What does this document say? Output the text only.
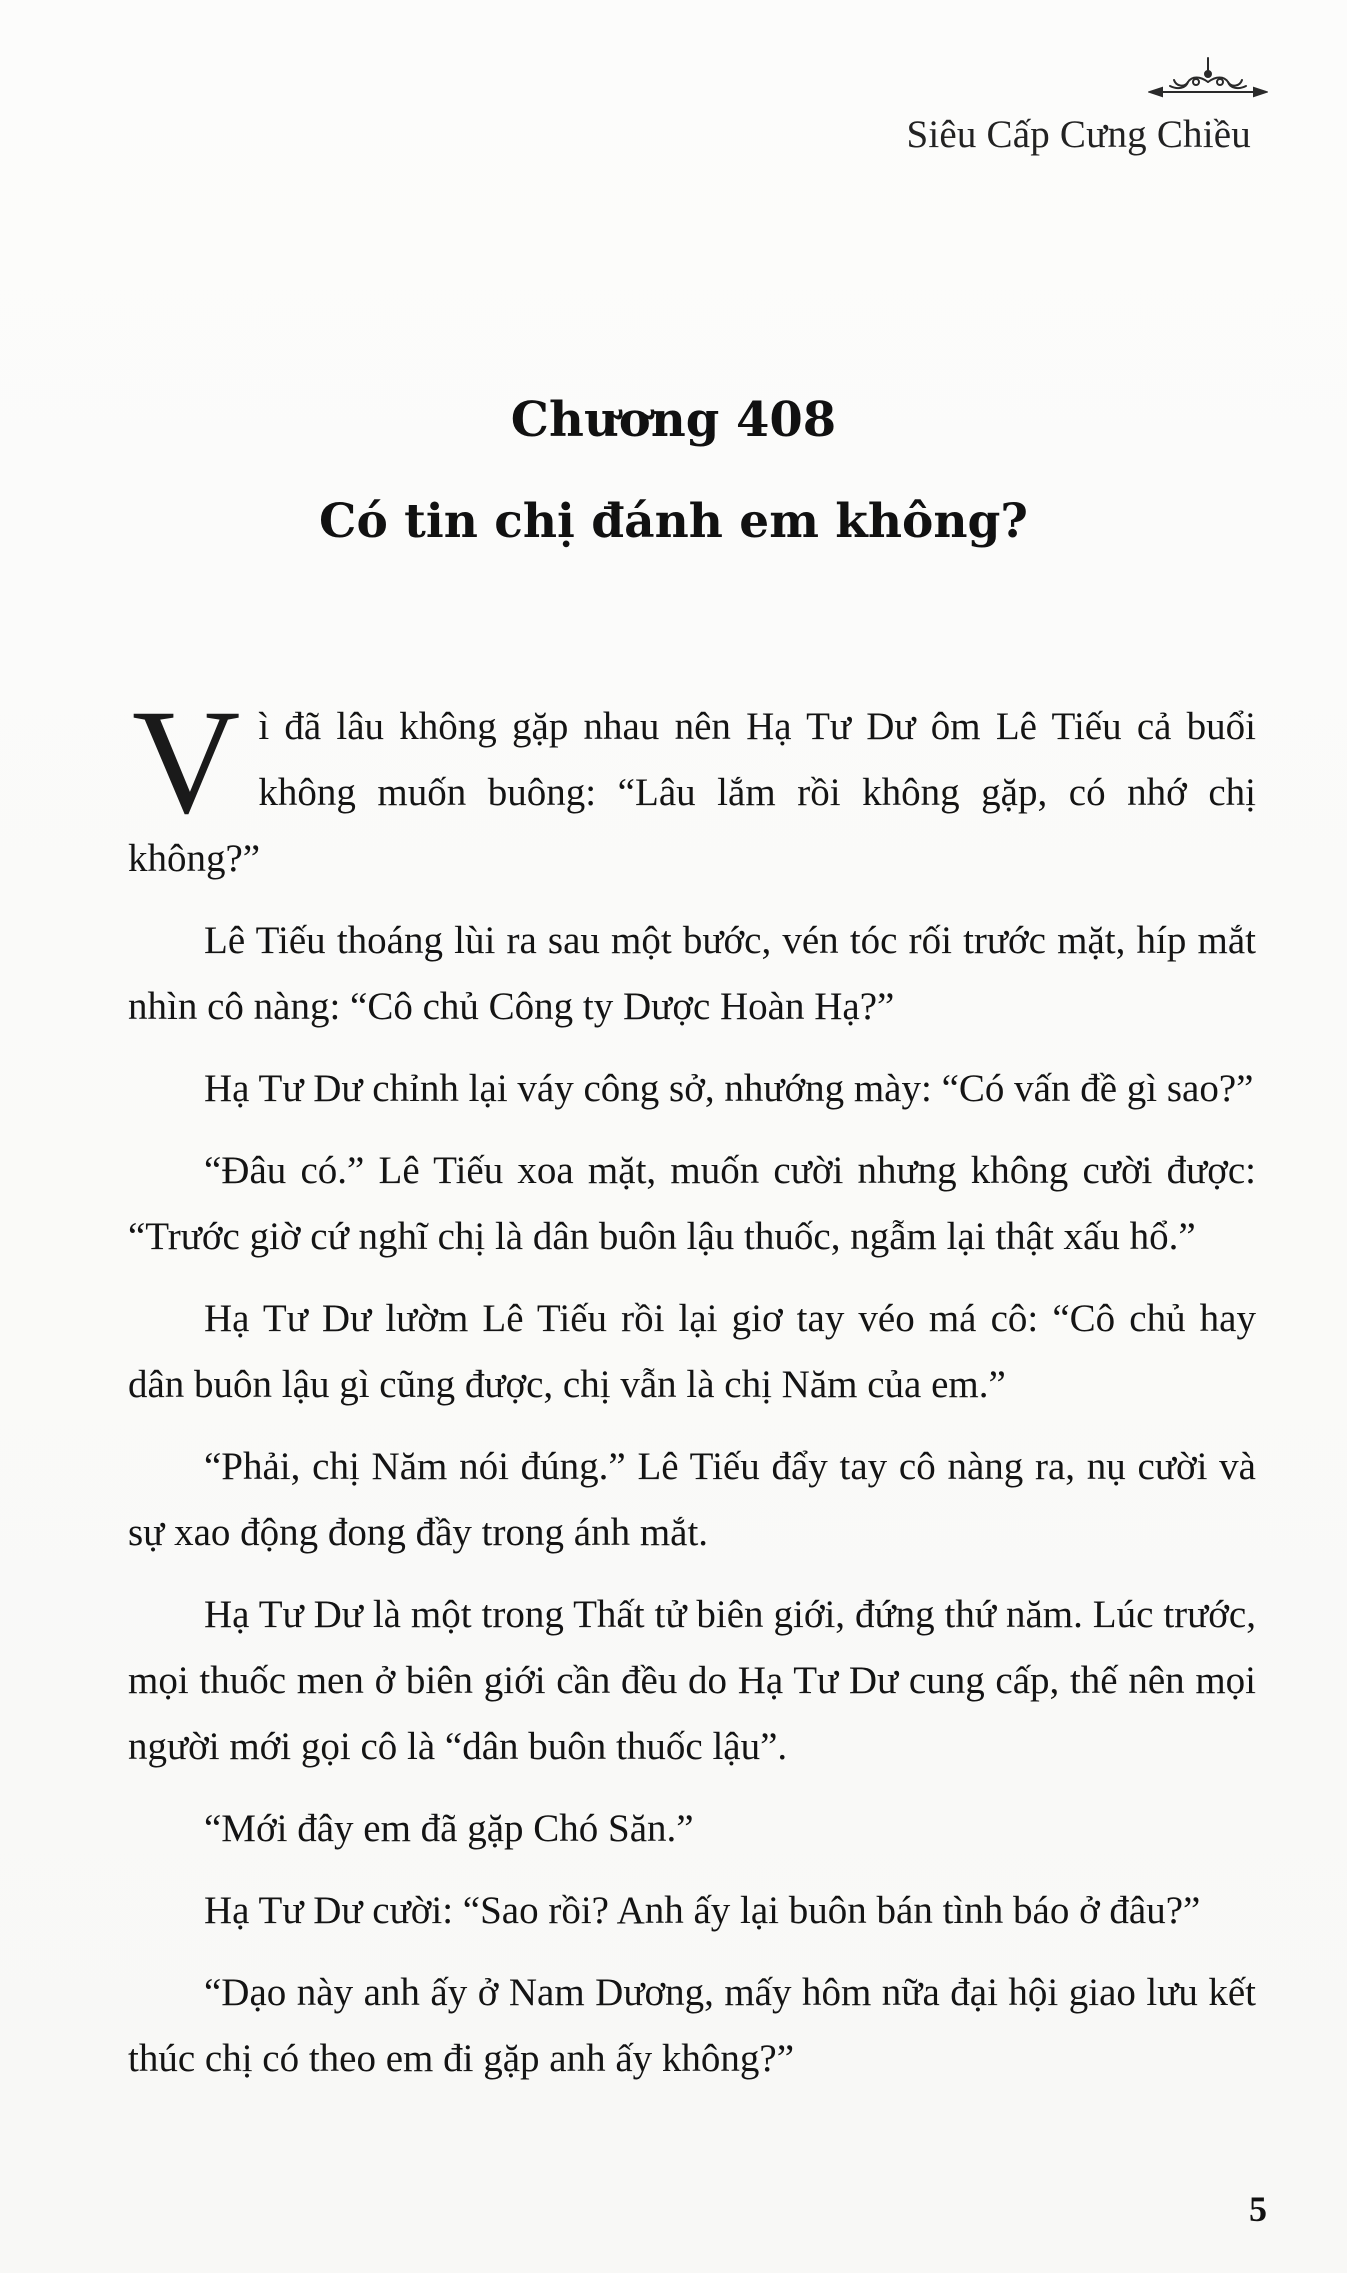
Siêu Cấp Cưng Chiều
Chương 408
Có tin chị đánh em không?

Vì đã lâu không gặp nhau nên Hạ Tư Dư ôm Lê Tiếu cả buổi không muốn buông: “Lâu lắm rồi không gặp, có nhớ chị không?”

Lê Tiếu thoáng lùi ra sau một bước, vén tóc rối trước mặt, híp mắt nhìn cô nàng: “Cô chủ Công ty Dược Hoàn Hạ?”

Hạ Tư Dư chỉnh lại váy công sở, nhướng mày: “Có vấn đề gì sao?”

“Đâu có.” Lê Tiếu xoa mặt, muốn cười nhưng không cười được: “Trước giờ cứ nghĩ chị là dân buôn lậu thuốc, ngẫm lại thật xấu hổ.”

Hạ Tư Dư lườm Lê Tiếu rồi lại giơ tay véo má cô: “Cô chủ hay dân buôn lậu gì cũng được, chị vẫn là chị Năm của em.”

“Phải, chị Năm nói đúng.” Lê Tiếu đẩy tay cô nàng ra, nụ cười và sự xao động đong đầy trong ánh mắt.

Hạ Tư Dư là một trong Thất tử biên giới, đứng thứ năm. Lúc trước, mọi thuốc men ở biên giới cần đều do Hạ Tư Dư cung cấp, thế nên mọi người mới gọi cô là “dân buôn thuốc lậu”.

“Mới đây em đã gặp Chó Săn.”

Hạ Tư Dư cười: “Sao rồi? Anh ấy lại buôn bán tình báo ở đâu?”

“Dạo này anh ấy ở Nam Dương, mấy hôm nữa đại hội giao lưu kết thúc chị có theo em đi gặp anh ấy không?”

5
